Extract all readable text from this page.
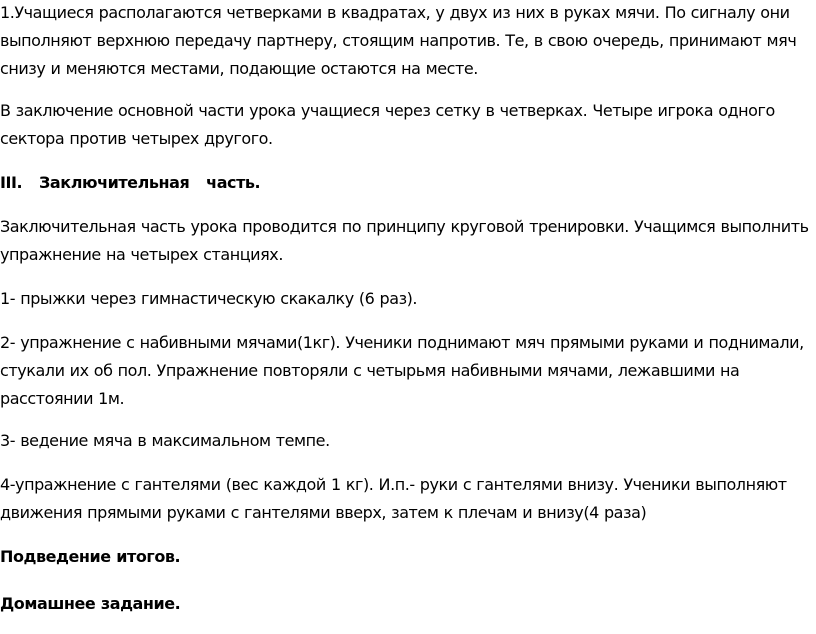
1.Учащиеся располагаются четверками в квадратах, у двух из них в руках мячи. По сигналу они
выполняют верхнюю передачу партнеру, стоящим напротив. Те, в свою очередь, принимают мяч
снизу и меняются местами, подающие остаются на месте.

В заключение основной части урока учащиеся через сетку в четверках. Четыре игрока одного
сектора против четырех другого.

III. Заключительная   часть.

Заключительная часть урока проводится по принципу круговой тренировки. Учащимся выполнить
упражнение на четырех станциях.

1- прыжки через гимнастическую скакалку (6 раз).

2- упражнение с набивными мячами(1кг). Ученики поднимают мяч прямыми руками и поднимали,
стукали их об пол. Упражнение повторяли с четырьмя набивными мячами, лежавшими на
расстоянии 1м.

3- ведение мяча в максимальном темпе.

4-упражнение с гантелями (вес каждой 1 кг). И.п.- руки с гантелями внизу. Ученики выполняют
движения прямыми руками с гантелями вверх, затем к плечам и внизу(4 раза)

Подведение итогов.

Домашнее задание.
